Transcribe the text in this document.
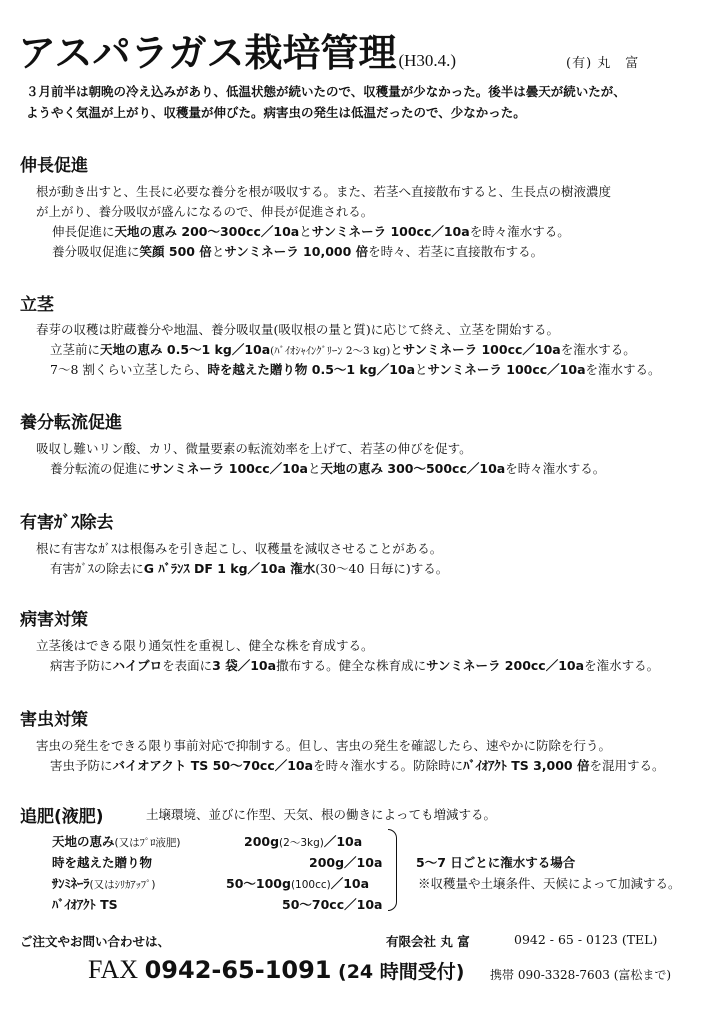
アスパラガス栽培管理 (H30.4.)	(有) 丸　富
３月前半は朝晩の冷え込みがあり、低温状態が続いたので、収穫量が少なかった。後半は曇天が続いたが、
ようやく気温が上がり、収穫量が伸びた。病害虫の発生は低温だったので、少なかった。
伸長促進
根が動き出すと、生長に必要な養分を根が吸収する。また、若茎へ直接散布すると、生長点の樹液濃度
が上がり、養分吸収が盛んになるので、伸長が促進される。
伸長促進に天地の恵み 200〜300cc／10aとサンミネーラ 100cc／10aを時々潅水する。
養分吸収促進に笑顔 500 倍とサンミネーラ 10,000 倍を時々、若茎に直接散布する。
立茎
春芽の収穫は貯蔵養分や地温、養分吸収量(吸収根の量と質)に応じて終え、立茎を開始する。
立茎前に天地の恵み 0.5〜1 kg／10a(ﾊﾞｲｵｼｬｲﾝｸﾞﾘｰﾝ 2〜3 kg)とサンミネーラ 100cc／10aを潅水する。
7〜8 割くらい立茎したら、時を越えた贈り物 0.5〜1 kg／10aとサンミネーラ 100cc／10aを潅水する。
養分転流促進
吸収し難いリン酸、カリ、微量要素の転流効率を上げて、若茎の伸びを促す。
養分転流の促進にサンミネーラ 100cc／10aと天地の恵み 300〜500cc／10aを時々潅水する。
有害ｶﾞｽ除去
根に有害なｶﾞｽは根傷みを引き起こし、収穫量を減収させることがある。
有害ｶﾞｽの除去にG ﾊﾞﾗﾝｽ DF 1 kg／10a 潅水(30〜40 日毎に)する。
病害対策
立茎後はできる限り通気性を重視し、健全な株を育成する。
病害予防にハイブロを表面に3 袋／10a撒布する。健全な株育成にサンミネーラ 200cc／10aを潅水する。
害虫対策
害虫の発生をできる限り事前対応で抑制する。但し、害虫の発生を確認したら、速やかに防除を行う。
害虫予防にバイオアクト TS 50〜70cc／10aを時々潅水する。防除時にﾊﾞｲｵｱｸﾄ TS 3,000 倍を混用する。
追肥(液肥)	土壌環境、並びに作型、天気、根の働きによっても増減する。
天地の恵み(又はﾌﾟﾛ液肥)	200g(2〜3kg)／10a
時を越えた贈り物	200g／10a
ｻﾝﾐﾈｰﾗ(又はｼﾘｶｱｯﾌﾟ)	50〜100g(100cc)／10a
ﾊﾞｲｵｱｸﾄ TS	50〜70cc／10a
5〜7 日ごとに潅水する場合
※収穫量や土壌条件、天候によって加減する。
ご注文やお問い合わせは、	有限会社 丸 富	0942 ‐ 65 ‐ 0123 (TEL)
FAX 0942-65-1091 (24 時間受付) 携帯 090-3328-7603 (富松まで)
